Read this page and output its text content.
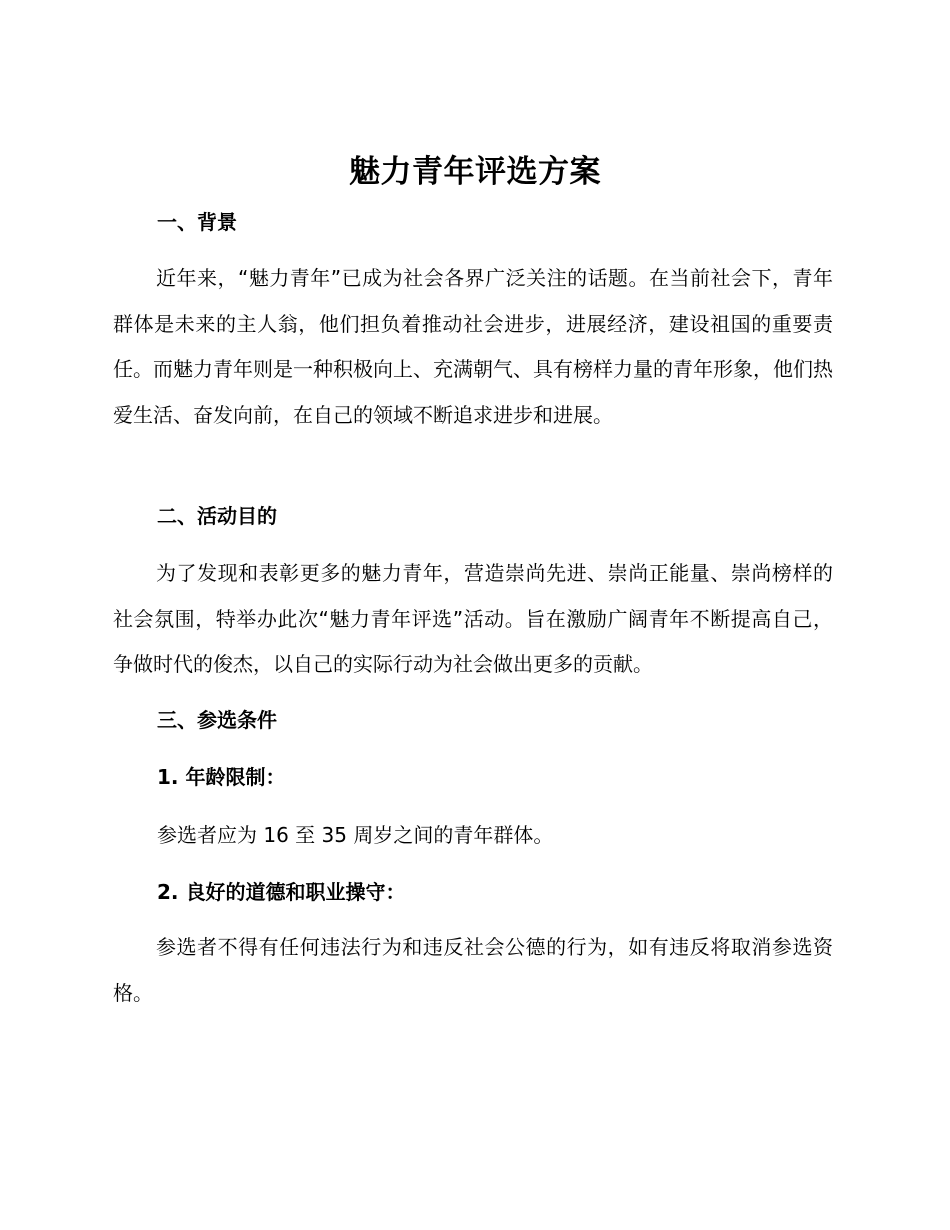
魅力青年评选方案
一、背景
近年来，“魅力青年”已成为社会各界广泛关注的话题。在当前社会下，青年群体是未来的主人翁，他们担负着推动社会进步，进展经济，建设祖国的重要责任。而魅力青年则是一种积极向上、充满朝气、具有榜样力量的青年形象，他们热爱生活、奋发向前，在自己的领域不断追求进步和进展。
二、活动目的
为了发现和表彰更多的魅力青年，营造崇尚先进、崇尚正能量、崇尚榜样的社会氛围，特举办此次“魅力青年评选”活动。旨在激励广阔青年不断提高自己，争做时代的俊杰，以自己的实际行动为社会做出更多的贡献。
三、参选条件
1. 年龄限制：
参选者应为 16 至 35 周岁之间的青年群体。
2. 良好的道德和职业操守：
参选者不得有任何违法行为和违反社会公德的行为，如有违反将取消参选资格。
